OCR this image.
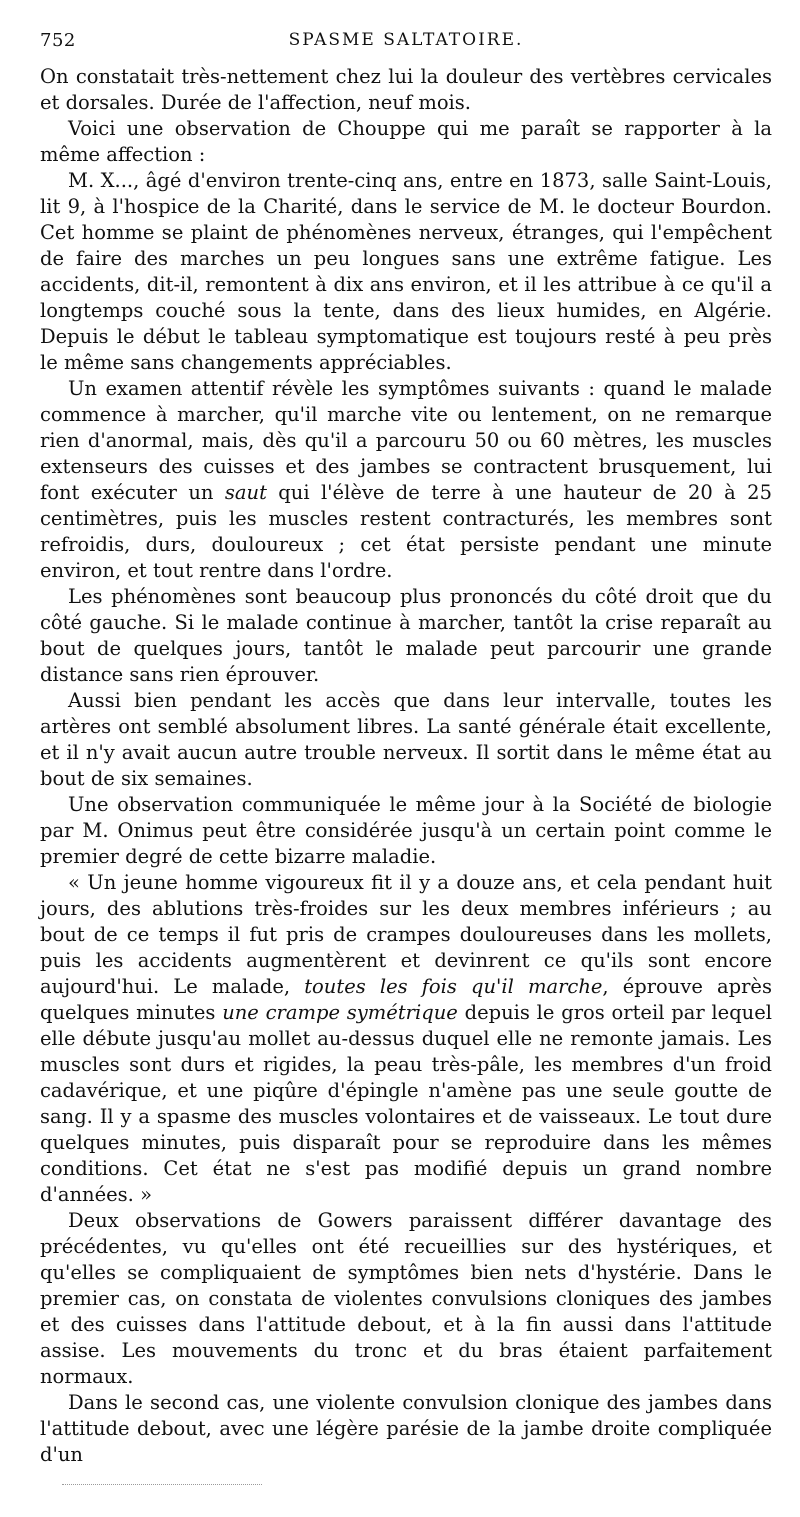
752	SPASME SALTATOIRE.

On constatait très-nettement chez lui la douleur des vertèbres cervicales et dorsales. Durée de l'affection, neuf mois.

Voici une observation de Chouppe qui me paraît se rapporter à la même affection :

M. X..., âgé d'environ trente-cinq ans, entre en 1873, salle Saint-Louis, lit 9, à l'hospice de la Charité, dans le service de M. le docteur Bourdon. Cet homme se plaint de phénomènes nerveux, étranges, qui l'empêchent de faire des marches un peu longues sans une extrême fatigue. Les accidents, dit-il, remontent à dix ans environ, et il les attribue à ce qu'il a longtemps couché sous la tente, dans des lieux humides, en Algérie. Depuis le début le tableau symptomatique est toujours resté à peu près le même sans changements appréciables.

Un examen attentif révèle les symptômes suivants : quand le malade commence à marcher, qu'il marche vite ou lentement, on ne remarque rien d'anormal, mais, dès qu'il a parcouru 50 ou 60 mètres, les muscles extenseurs des cuisses et des jambes se contractent brusquement, lui font exécuter un saut qui l'élève de terre à une hauteur de 20 à 25 centimètres, puis les muscles restent contracturés, les membres sont refroidis, durs, douloureux ; cet état persiste pendant une minute environ, et tout rentre dans l'ordre.

Les phénomènes sont beaucoup plus prononcés du côté droit que du côté gauche. Si le malade continue à marcher, tantôt la crise reparaît au bout de quelques jours, tantôt le malade peut parcourir une grande distance sans rien éprouver.

Aussi bien pendant les accès que dans leur intervalle, toutes les artères ont semblé absolument libres. La santé générale était excellente, et il n'y avait aucun autre trouble nerveux. Il sortit dans le même état au bout de six semaines.

Une observation communiquée le même jour à la Société de biologie par M. Onimus peut être considérée jusqu'à un certain point comme le premier degré de cette bizarre maladie.

« Un jeune homme vigoureux fit il y a douze ans, et cela pendant huit jours, des ablutions très-froides sur les deux membres inférieurs ; au bout de ce temps il fut pris de crampes douloureuses dans les mollets, puis les accidents augmentèrent et devinrent ce qu'ils sont encore aujourd'hui. Le malade, toutes les fois qu'il marche, éprouve après quelques minutes une crampe symétrique depuis le gros orteil par lequel elle débute jusqu'au mollet au-dessus duquel elle ne remonte jamais. Les muscles sont durs et rigides, la peau très-pâle, les membres d'un froid cadavérique, et une piqûre d'épingle n'amène pas une seule goutte de sang. Il y a spasme des muscles volontaires et de vaisseaux. Le tout dure quelques minutes, puis disparaît pour se reproduire dans les mêmes conditions. Cet état ne s'est pas modifié depuis un grand nombre d'années. »

Deux observations de Gowers paraissent différer davantage des précédentes, vu qu'elles ont été recueillies sur des hystériques, et qu'elles se compliquaient de symptômes bien nets d'hystérie. Dans le premier cas, on constata de violentes convulsions cloniques des jambes et des cuisses dans l'attitude debout, et à la fin aussi dans l'attitude assise. Les mouvements du tronc et du bras étaient parfaitement normaux.

Dans le second cas, une violente convulsion clonique des jambes dans l'attitude debout, avec une légère parésie de la jambe droite compliquée d'un
